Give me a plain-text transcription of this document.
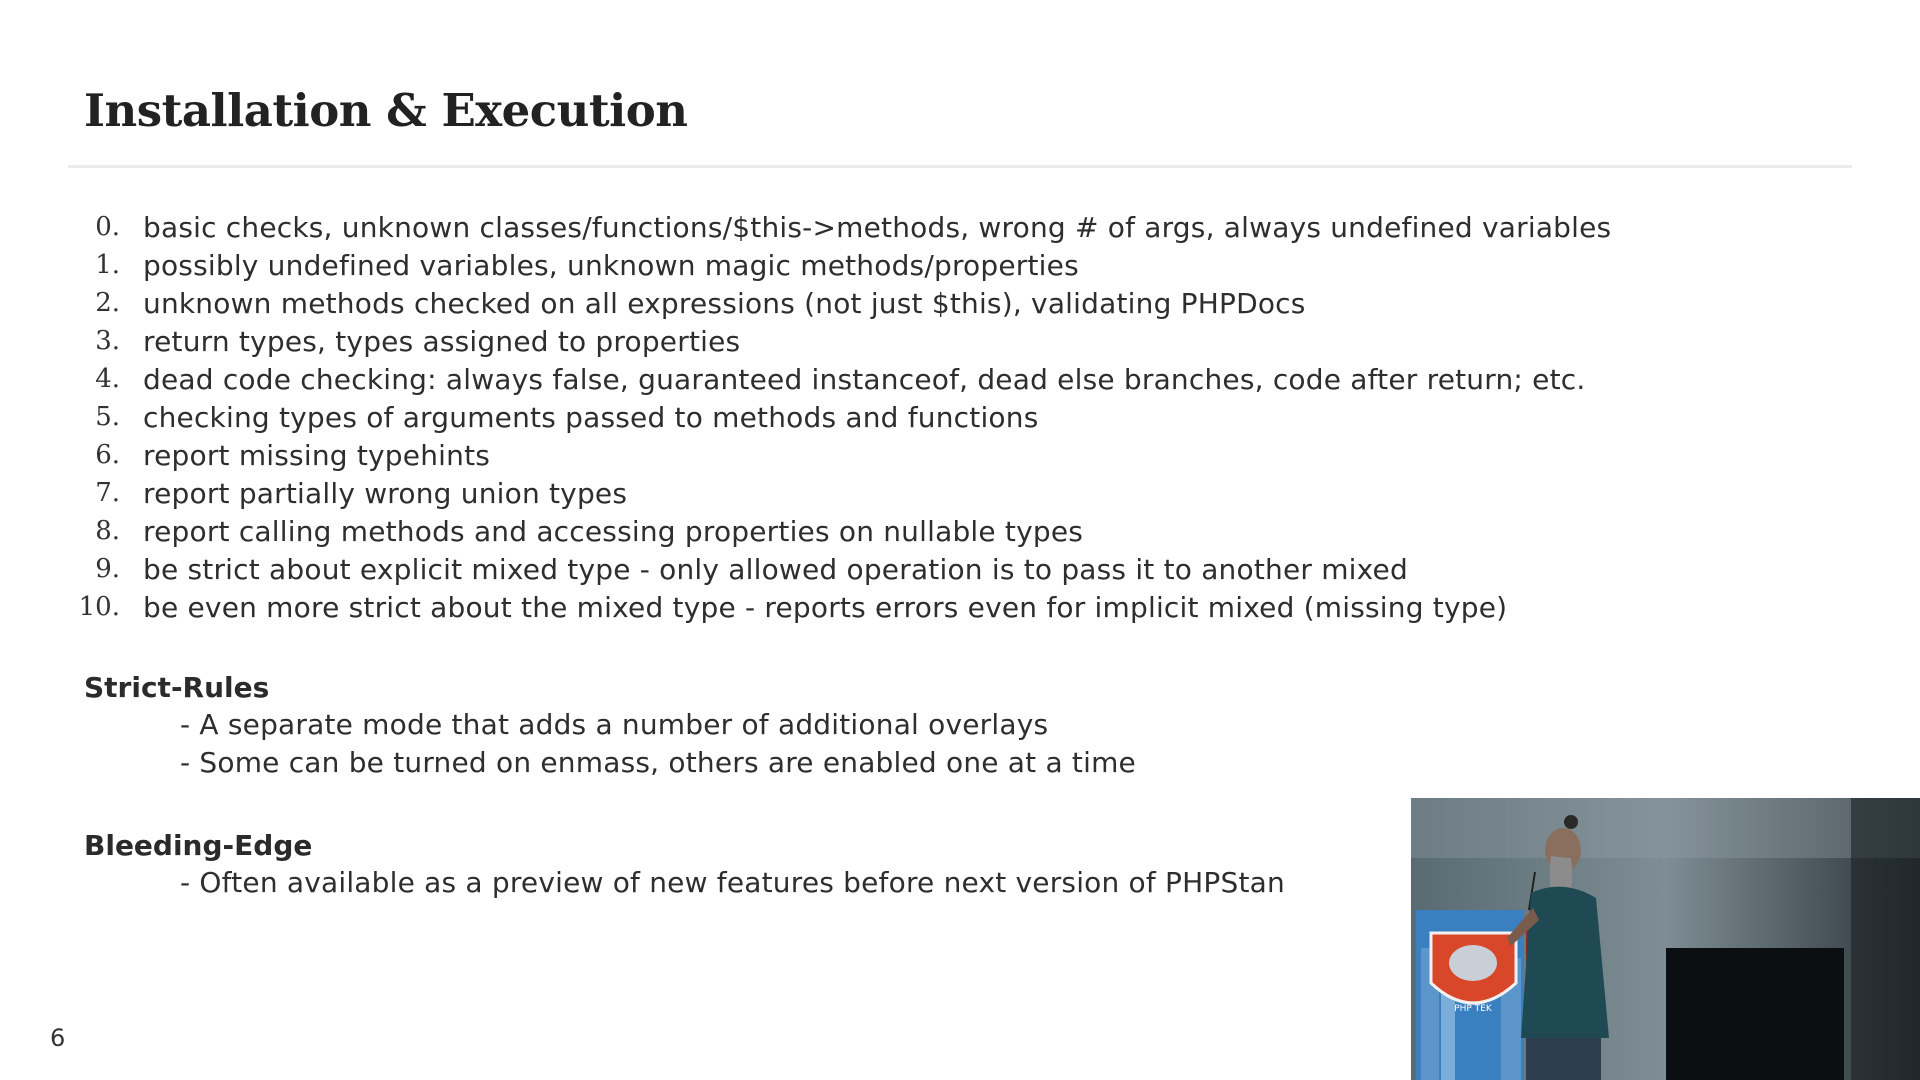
Installation & Execution
0. basic checks, unknown classes/functions/$this->methods, wrong # of args, always undefined variables
1. possibly undefined variables, unknown magic methods/properties
2. unknown methods checked on all expressions (not just $this), validating PHPDocs
3. return types, types assigned to properties
4. dead code checking: always false, guaranteed instanceof, dead else branches, code after return; etc.
5. checking types of arguments passed to methods and functions
6. report missing typehints
7. report partially wrong union types
8. report calling methods and accessing properties on nullable types
9. be strict about explicit mixed type - only allowed operation is to pass it to another mixed
10. be even more strict about the mixed type - reports errors even for implicit mixed (missing type)
Strict-Rules

- A separate mode that adds a number of additional overlays

- Some can be turned on enmass, others are enabled one at a time

Bleeding-Edge

- Often available as a preview of new features before next version of PHPStan

6
PHP TEK
